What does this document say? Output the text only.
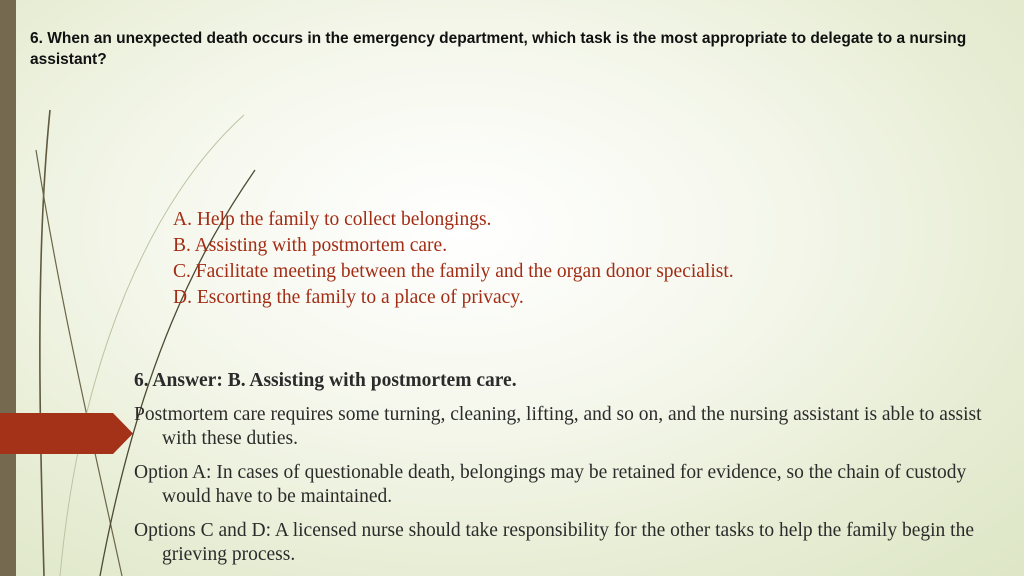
6. When an unexpected death occurs in the emergency department, which task is the most appropriate to delegate to a nursing assistant?
A. Help the family to collect belongings.
B. Assisting with postmortem care.
C. Facilitate meeting between the family and the organ donor specialist.
D. Escorting the family to a place of privacy.
6. Answer: B. Assisting with postmortem care.
Postmortem care requires some turning, cleaning, lifting, and so on, and the nursing assistant is able to assist with these duties.
Option A: In cases of questionable death, belongings may be retained for evidence, so the chain of custody would have to be maintained.
Options C and D: A licensed nurse should take responsibility for the other tasks to help the family begin the grieving process.
